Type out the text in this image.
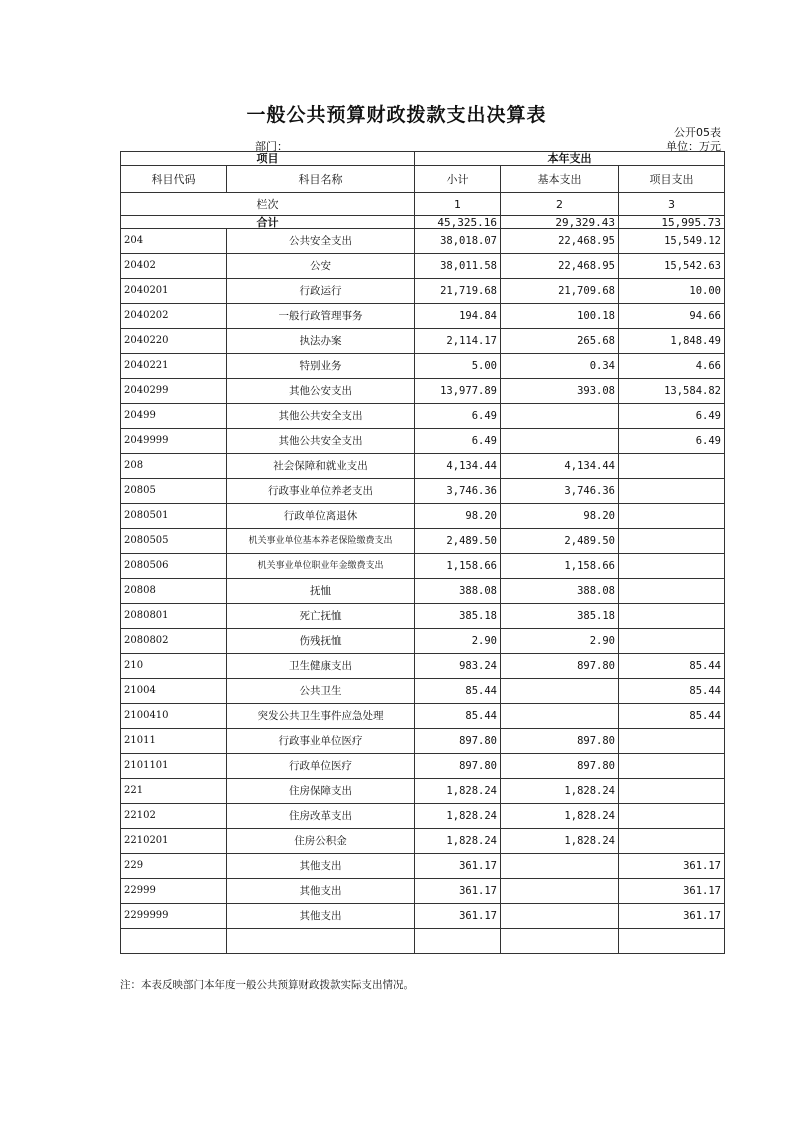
一般公共预算财政拨款支出决算表
公开05表
部门：	单位：万元
项目		本年支出		
科目代码	科目名称	小计	基本支出	项目支出
栏次		1	2	3
合计		45,325.16	29,329.43	15,995.73
204	公共安全支出	38,018.07	22,468.95	15,549.12
20402	公安	38,011.58	22,468.95	15,542.63
2040201	行政运行	21,719.68	21,709.68	10.00
2040202	一般行政管理事务	194.84	100.18	94.66
2040220	执法办案	2,114.17	265.68	1,848.49
2040221	特别业务	5.00	0.34	4.66
2040299	其他公安支出	13,977.89	393.08	13,584.82
20499	其他公共安全支出	6.49		6.49
2049999	其他公共安全支出	6.49		6.49
208	社会保障和就业支出	4,134.44	4,134.44	
20805	行政事业单位养老支出	3,746.36	3,746.36	
2080501	行政单位离退休	98.20	98.20	
2080505	机关事业单位基本养老保险缴费支出	2,489.50	2,489.50	
2080506	机关事业单位职业年金缴费支出	1,158.66	1,158.66	
20808	抚恤	388.08	388.08	
2080801	死亡抚恤	385.18	385.18	
2080802	伤残抚恤	2.90	2.90	
210	卫生健康支出	983.24	897.80	85.44
21004	公共卫生	85.44		85.44
2100410	突发公共卫生事件应急处理	85.44		85.44
21011	行政事业单位医疗	897.80	897.80	
2101101	行政单位医疗	897.80	897.80	
221	住房保障支出	1,828.24	1,828.24	
22102	住房改革支出	1,828.24	1,828.24	
2210201	住房公积金	1,828.24	1,828.24	
229	其他支出	361.17		361.17
22999	其他支出	361.17		361.17
2299999	其他支出	361.17		361.17

注：本表反映部门本年度一般公共预算财政拨款实际支出情况。
